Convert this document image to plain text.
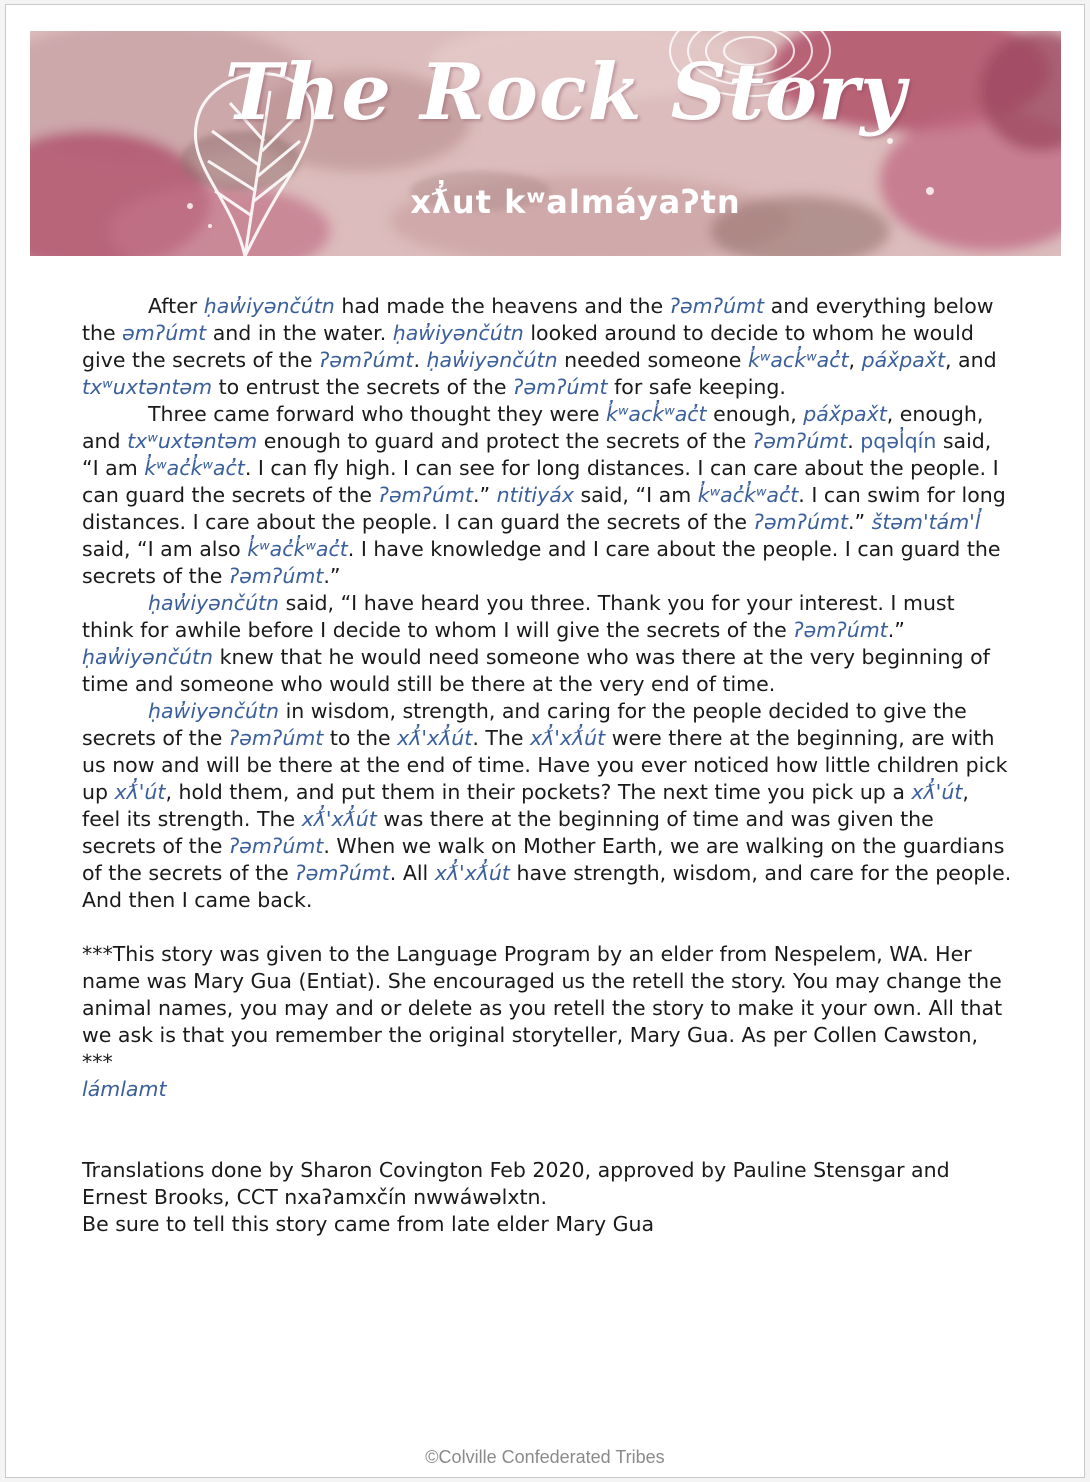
The Rock Story
xƛ̓ut kʷalmáyaʔtn

After ḥaw̓iyənčútn had made the heavens and the ʔəmʔúmt and everything below the əmʔúmt and in the water. ḥaw̓iyənčútn looked around to decide to whom he would give the secrets of the ʔəmʔúmt. ḥaw̓iyənčútn needed someone k̓ʷack̓ʷac̓t, páx̌pax̌t, and txʷuxtəntəm to entrust the secrets of the ʔəmʔúmt for safe keeping.

Three came forward who thought they were k̓ʷack̓ʷac̓t enough, páx̌pax̌t, enough, and txʷuxtəntəm enough to guard and protect the secrets of the ʔəmʔúmt. pqəl̓qín said, “I am k̓ʷac̓k̓ʷac̓t. I can fly high. I can see for long distances. I can care about the people. I can guard the secrets of the ʔəmʔúmt.” ntitiyáx said, “I am k̓ʷac̓k̓ʷac̓t. I can swim for long distances. I care about the people. I can guard the secrets of the ʔəmʔúmt.” štəm'tám'l̓ said, “I am also k̓ʷac̓k̓ʷac̓t. I have knowledge and I care about the people. I can guard the secrets of the ʔəmʔúmt.”

ḥaw̓iyənčútn said, “I have heard you three. Thank you for your interest. I must think for awhile before I decide to whom I will give the secrets of the ʔəmʔúmt.” ḥaw̓iyənčútn knew that he would need someone who was there at the very beginning of time and someone who would still be there at the very end of time.

ḥaw̓iyənčútn in wisdom, strength, and caring for the people decided to give the secrets of the ʔəmʔúmt to the xƛ̓'xƛ̓út. The xƛ̓'xƛ̓út were there at the beginning, are with us now and will be there at the end of time. Have you ever noticed how little children pick up xƛ̓'út, hold them, and put them in their pockets? The next time you pick up a xƛ̓'út, feel its strength. The xƛ̓'xƛ̓út was there at the beginning of time and was given the secrets of the ʔəmʔúmt. When we walk on Mother Earth, we are walking on the guardians of the secrets of the ʔəmʔúmt. All xƛ̓'xƛ̓út have strength, wisdom, and care for the people. And then I came back.

***This story was given to the Language Program by an elder from Nespelem, WA. Her name was Mary Gua (Entiat). She encouraged us the retell the story. You may change the animal names, you may and or delete as you retell the story to make it your own. All that we ask is that you remember the original storyteller, Mary Gua. As per Collen Cawston, ***

lámlamt

Translations done by Sharon Covington Feb 2020, approved by Pauline Stensgar and Ernest Brooks, CCT nxaʔamxčín nwwáwəlxtn.

Be sure to tell this story came from late elder Mary Gua

©Colville Confederated Tribes
